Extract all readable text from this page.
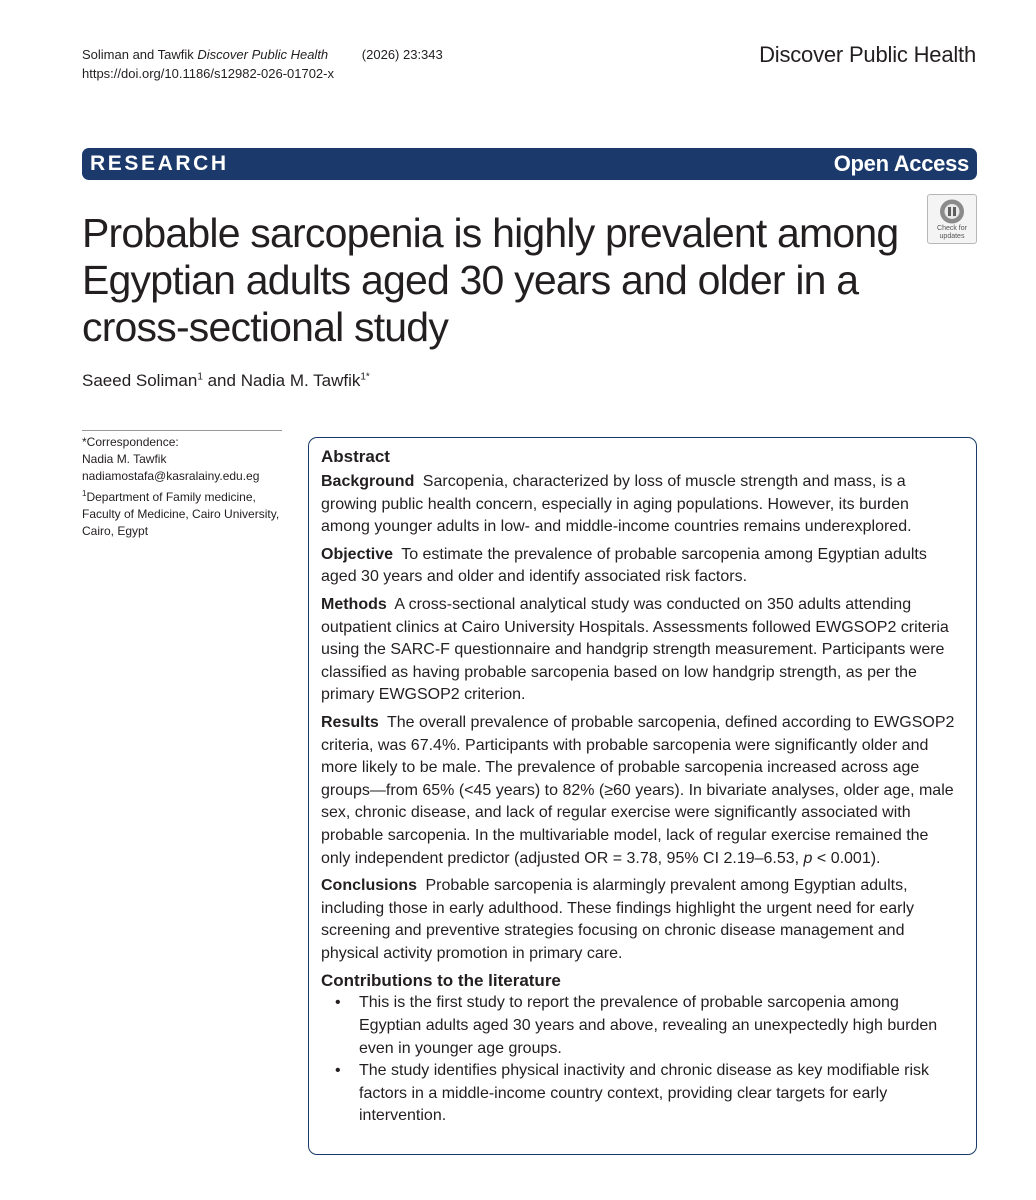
Soliman and Tawfik Discover Public Health	(2026) 23:343
https://doi.org/10.1186/s12982-026-01702-x
Discover Public Health
RESEARCH	Open Access
Probable sarcopenia is highly prevalent among Egyptian adults aged 30 years and older in a cross-sectional study
Check for
updates
Saeed Soliman$^1$ and Nadia M. Tawfik$^{1*}$
*Correspondence:
Nadia M. Tawfik
nadiamostafa@kasralainy.edu.eg
$^1$Department of Family medicine, Faculty of Medicine, Cairo University, Cairo, Egypt
Abstract

Background Sarcopenia, characterized by loss of muscle strength and mass, is a growing public health concern, especially in aging populations. However, its burden among younger adults in low- and middle-income countries remains underexplored.

Objective To estimate the prevalence of probable sarcopenia among Egyptian adults aged 30 years and older and identify associated risk factors.

Methods A cross-sectional analytical study was conducted on 350 adults attending outpatient clinics at Cairo University Hospitals. Assessments followed EWGSOP2 criteria using the SARC-F questionnaire and handgrip strength measurement. Participants were classified as having probable sarcopenia based on low handgrip strength, as per the primary EWGSOP2 criterion.

Results The overall prevalence of probable sarcopenia, defined according to EWGSOP2 criteria, was 67.4%. Participants with probable sarcopenia were significantly older and more likely to be male. The prevalence of probable sarcopenia increased across age groups—from 65% (<45 years) to 82% (≥60 years). In bivariate analyses, older age, male sex, chronic disease, and lack of regular exercise were significantly associated with probable sarcopenia. In the multivariable model, lack of regular exercise remained the only independent predictor (adjusted OR = 3.78, 95% CI 2.19–6.53, p < 0.001).

Conclusions Probable sarcopenia is alarmingly prevalent among Egyptian adults, including those in early adulthood. These findings highlight the urgent need for early screening and preventive strategies focusing on chronic disease management and physical activity promotion in primary care.

Contributions to the literature
• This is the first study to report the prevalence of probable sarcopenia among Egyptian adults aged 30 years and above, revealing an unexpectedly high burden even in younger age groups.
• The study identifies physical inactivity and chronic disease as key modifiable risk factors in a middle-income country context, providing clear targets for early intervention.
